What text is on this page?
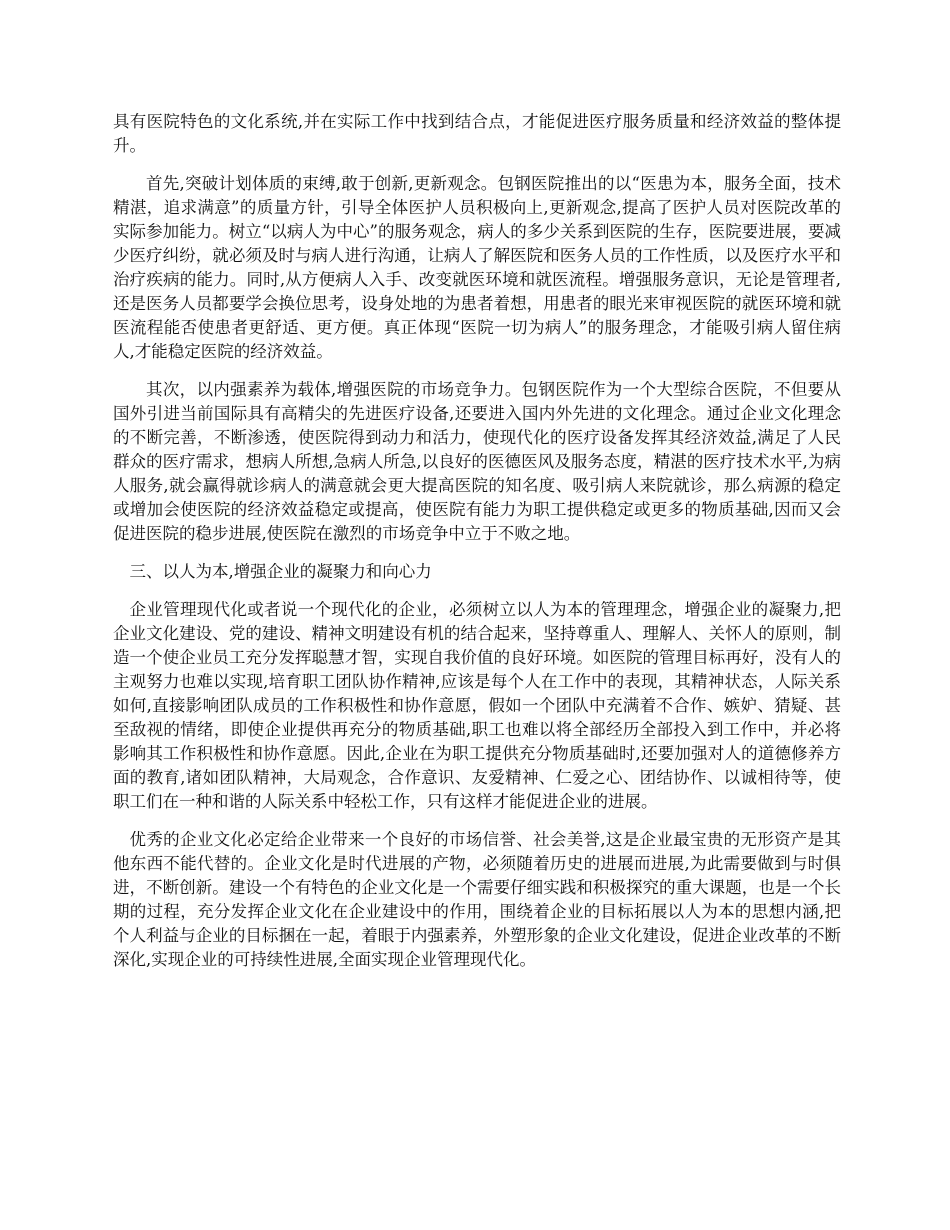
具有医院特色的文化系统,并在实际工作中找到结合点，才能促进医疗服务质量和经济效益的整体提升。

首先,突破计划体质的束缚,敢于创新,更新观念。包钢医院推出的以“医患为本，服务全面，技术精湛，追求满意”的质量方针，引导全体医护人员积极向上,更新观念,提高了医护人员对医院改革的实际参加能力。树立“以病人为中心”的服务观念，病人的多少关系到医院的生存，医院要进展，要减少医疗纠纷，就必须及时与病人进行沟通，让病人了解医院和医务人员的工作性质，以及医疗水平和治疗疾病的能力。同时,从方便病人入手、改变就医环境和就医流程。增强服务意识，无论是管理者,还是医务人员都要学会换位思考，设身处地的为患者着想，用患者的眼光来审视医院的就医环境和就医流程能否使患者更舒适、更方便。真正体现“医院一切为病人”的服务理念，才能吸引病人留住病人,才能稳定医院的经济效益。

其次，以内强素养为载体,增强医院的市场竞争力。包钢医院作为一个大型综合医院，不但要从国外引进当前国际具有高精尖的先进医疗设备,还要进入国内外先进的文化理念。通过企业文化理念的不断完善，不断渗透，使医院得到动力和活力，使现代化的医疗设备发挥其经济效益,满足了人民群众的医疗需求，想病人所想,急病人所急,以良好的医德医风及服务态度，精湛的医疗技术水平,为病人服务,就会赢得就诊病人的满意就会更大提高医院的知名度、吸引病人来院就诊，那么病源的稳定或增加会使医院的经济效益稳定或提高，使医院有能力为职工提供稳定或更多的物质基础,因而又会促进医院的稳步进展,使医院在激烈的市场竞争中立于不败之地。

三、以人为本,增强企业的凝聚力和向心力

企业管理现代化或者说一个现代化的企业，必须树立以人为本的管理理念，增强企业的凝聚力,把企业文化建设、党的建设、精神文明建设有机的结合起来，坚持尊重人、理解人、关怀人的原则，制造一个使企业员工充分发挥聪慧才智，实现自我价值的良好环境。如医院的管理目标再好，没有人的主观努力也难以实现,培育职工团队协作精神,应该是每个人在工作中的表现，其精神状态，人际关系如何,直接影响团队成员的工作积极性和协作意愿，假如一个团队中充满着不合作、嫉妒、猜疑、甚至敌视的情绪，即使企业提供再充分的物质基础,职工也难以将全部经历全部投入到工作中，并必将影响其工作积极性和协作意愿。因此,企业在为职工提供充分物质基础时,还要加强对人的道德修养方面的教育,诸如团队精神，大局观念，合作意识、友爱精神、仁爱之心、团结协作、以诚相待等，使职工们在一种和谐的人际关系中轻松工作，只有这样才能促进企业的进展。

优秀的企业文化必定给企业带来一个良好的市场信誉、社会美誉,这是企业最宝贵的无形资产是其他东西不能代替的。企业文化是时代进展的产物，必须随着历史的进展而进展,为此需要做到与时俱进，不断创新。建设一个有特色的企业文化是一个需要仔细实践和积极探究的重大课题，也是一个长期的过程，充分发挥企业文化在企业建设中的作用，围绕着企业的目标拓展以人为本的思想内涵,把个人利益与企业的目标捆在一起，着眼于内强素养，外塑形象的企业文化建设，促进企业改革的不断深化,实现企业的可持续性进展,全面实现企业管理现代化。
